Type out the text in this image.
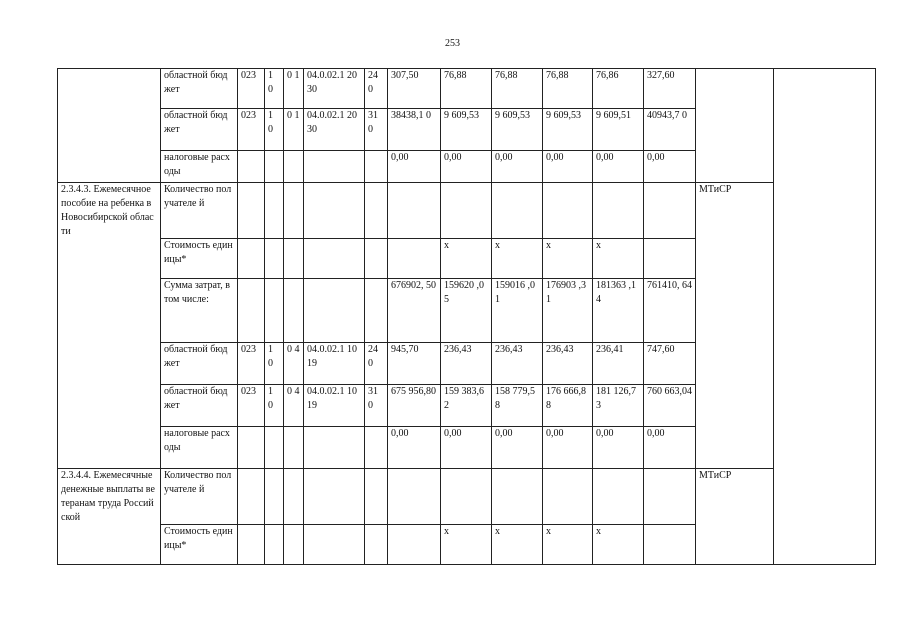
253
	областной бюджет	023	1 0	0 1	04.0.02.1 2030	24 0	307,50	76,88	76,88	76,88	76,86	327,60		
	областной бюджет	023	1 0	0 1	04.0.02.1 2030	31 0	38438,1 0	9 609,53	9 609,53	9 609,53	9 609,51	40943,7 0		
	налоговые расходы						0,00	0,00	0,00	0,00	0,00	0,00		
2.3.4.3. Ежемесячное пособие на ребенка в Новосибирской области	Количество получателе й												МТиСР	
	Стоимость единицы*							х	х	х	х			
	Сумма затрат, в том числе:						676902, 50	159620 ,05	159016 ,01	176903 ,31	181363 ,14	761410, 64		
	областной бюджет	023	1 0	0 4	04.0.02.1 1019	24 0	945,70	236,43	236,43	236,43	236,41	747,60		
	областной бюджет	023	1 0	0 4	04.0.02.1 1019	31 0	675 956,80	159 383,62	158 779,58	176 666,88	181 126,73	760 663,04		
	налоговые расходы						0,00	0,00	0,00	0,00	0,00	0,00		
2.3.4.4. Ежемесячные денежные выплаты ветеранам труда Российской	Количество получателе й												МТиСР	
	Стоимость единицы*							х	х	х	х			
